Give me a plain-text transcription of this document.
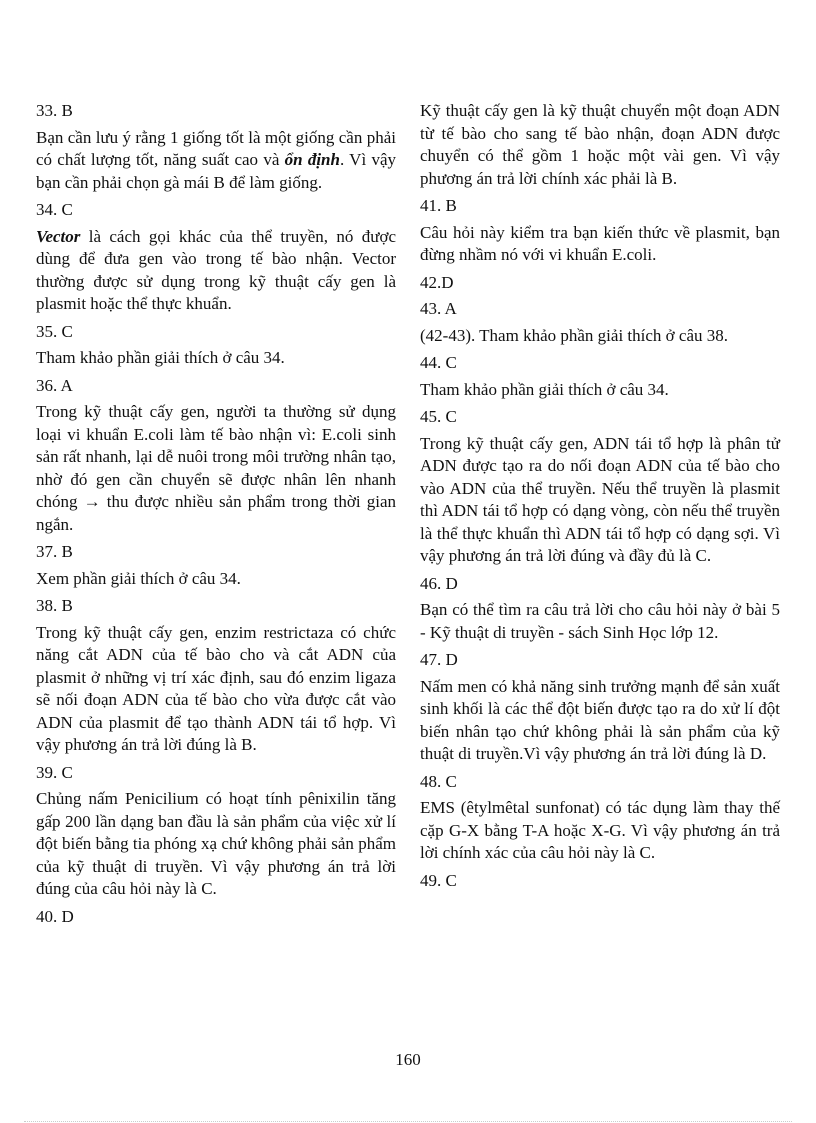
33. B

Bạn cần lưu ý rằng 1 giống tốt là một giống cần phải có chất lượng tốt, năng suất cao và ổn định. Vì vậy bạn cần phải chọn gà mái B để làm giống.

34. C

Vector là cách gọi khác của thể truyền, nó được dùng để đưa gen vào trong tế bào nhận. Vector thường được sử dụng trong kỹ thuật cấy gen là plasmit hoặc thể thực khuẩn.

35. C

Tham khảo phần giải thích ở câu 34.

36. A

Trong kỹ thuật cấy gen, người ta thường sử dụng loại vi khuẩn E.coli làm tế bào nhận vì: E.coli sinh sản rất nhanh, lại dễ nuôi trong môi trường nhân tạo, nhờ đó gen cần chuyển sẽ được nhân lên nhanh chóng → thu được nhiều sản phẩm trong thời gian ngắn.

37. B

Xem phần giải thích ở câu 34.

38. B

Trong kỹ thuật cấy gen, enzim restrictaza có chức năng cắt ADN của tế bào cho và cắt ADN của plasmit ở những vị trí xác định, sau đó enzim ligaza sẽ nối đoạn ADN của tế bào cho vừa được cắt vào ADN của plasmit để tạo thành ADN tái tổ hợp. Vì vậy phương án trả lời đúng là B.

39. C

Chủng nấm Penicilium có hoạt tính pênixilin tăng gấp 200 lần dạng ban đầu là sản phẩm của việc xử lí đột biến bằng tia phóng xạ chứ không phải sản phẩm của kỹ thuật di truyền. Vì vậy phương án trả lời đúng của câu hỏi này là C.

40. D

Kỹ thuật cấy gen là kỹ thuật chuyển một đoạn ADN từ tế bào cho sang tế bào nhận, đoạn ADN được chuyển có thể gồm 1 hoặc một vài gen. Vì vậy phương án trả lời chính xác phải là B.

41. B

Câu hỏi này kiểm tra bạn kiến thức về plasmit, bạn đừng nhầm nó với vi khuẩn E.coli.

42.D

43. A

(42-43). Tham khảo phần giải thích ở câu 38.

44. C

Tham khảo phần giải thích ở câu 34.

45. C

Trong kỹ thuật cấy gen, ADN tái tổ hợp là phân tử ADN được tạo ra do nối đoạn ADN của tế bào cho vào ADN của thể truyền. Nếu thể truyền là plasmit thì ADN tái tổ hợp có dạng vòng, còn nếu thể truyền là thể thực khuẩn thì ADN tái tổ hợp có dạng sợi. Vì vậy phương án trả lời đúng và đầy đủ là C.

46. D

Bạn có thể tìm ra câu trả lời cho câu hỏi này ở bài 5 - Kỹ thuật di truyền - sách Sinh Học lớp 12.

47. D

Nấm men có khả năng sinh trưởng mạnh để sản xuất sinh khối là các thể đột biến được tạo ra do xử lí đột biến nhân tạo chứ không phải là sản phẩm của kỹ thuật di truyền.Vì vậy phương án trả lời đúng là D.

48. C

EMS (êtylmêtal sunfonat) có tác dụng làm thay thế cặp G-X bằng T-A hoặc X-G. Vì vậy phương án trả lời chính xác của câu hỏi này là C.

49. C

160
